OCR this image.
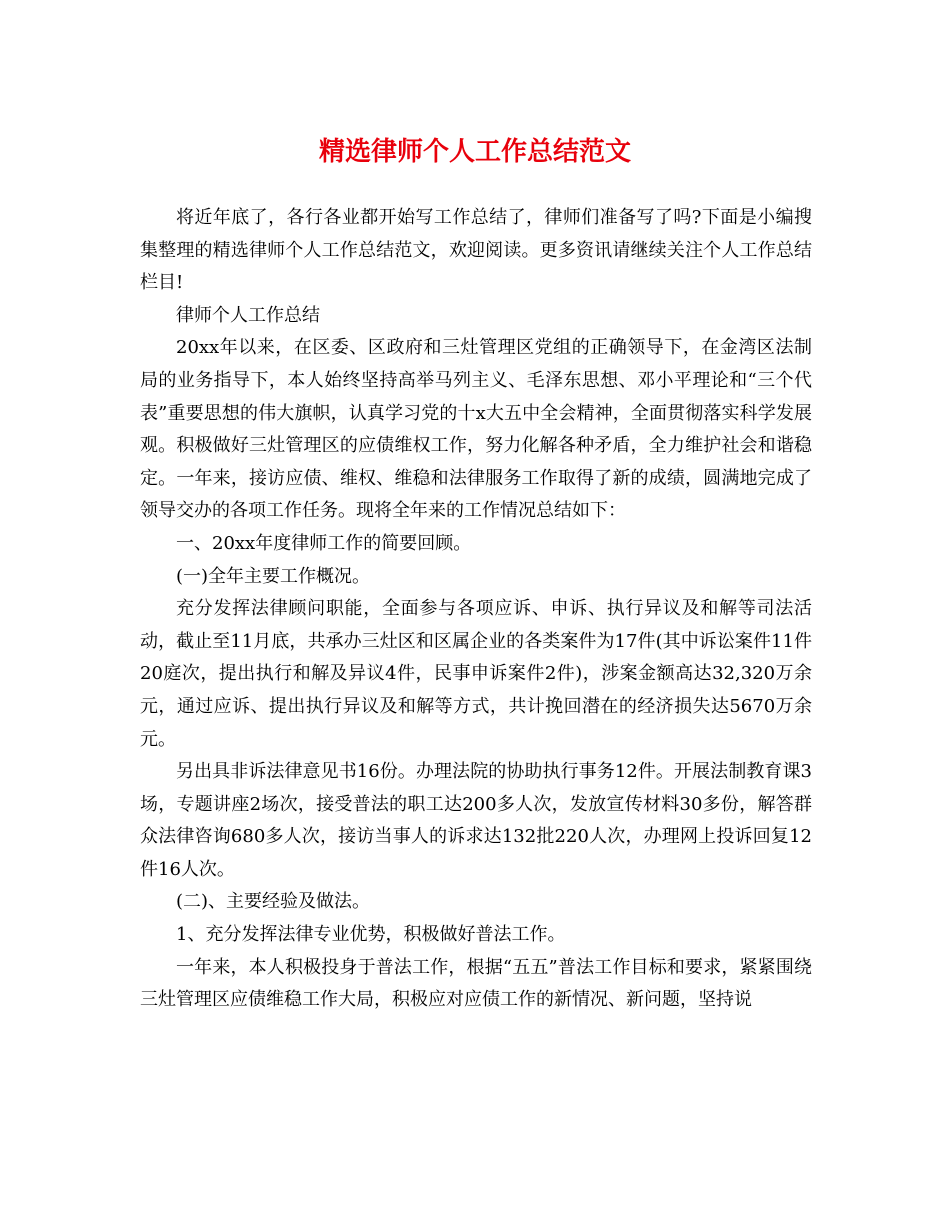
精选律师个人工作总结范文

将近年底了，各行各业都开始写工作总结了，律师们准备写了吗?下面是小编搜集整理的精选律师个人工作总结范文，欢迎阅读。更多资讯请继续关注个人工作总结栏目!

律师个人工作总结

20xx年以来，在区委、区政府和三灶管理区党组的正确领导下，在金湾区法制局的业务指导下，本人始终坚持高举马列主义、毛泽东思想、邓小平理论和“三个代表”重要思想的伟大旗帜，认真学习党的十x大五中全会精神，全面贯彻落实科学发展观。积极做好三灶管理区的应债维权工作，努力化解各种矛盾，全力维护社会和谐稳定。一年来，接访应债、维权、维稳和法律服务工作取得了新的成绩，圆满地完成了领导交办的各项工作任务。现将全年来的工作情况总结如下：

一、20xx年度律师工作的简要回顾。

(一)全年主要工作概况。

充分发挥法律顾问职能，全面参与各项应诉、申诉、执行异议及和解等司法活动，截止至11月底，共承办三灶区和区属企业的各类案件为17件(其中诉讼案件11件20庭次，提出执行和解及异议4件，民事申诉案件2件)，涉案金额高达32,320万余元，通过应诉、提出执行异议及和解等方式，共计挽回潜在的经济损失达5670万余元。

另出具非诉法律意见书16份。办理法院的协助执行事务12件。开展法制教育课3场，专题讲座2场次，接受普法的职工达200多人次，发放宣传材料30多份，解答群众法律咨询680多人次，接访当事人的诉求达132批220人次，办理网上投诉回复12件16人次。

(二)、主要经验及做法。

1、充分发挥法律专业优势，积极做好普法工作。

一年来，本人积极投身于普法工作，根据“五五”普法工作目标和要求，紧紧围绕三灶管理区应债维稳工作大局，积极应对应债工作的新情况、新问题，坚持说
